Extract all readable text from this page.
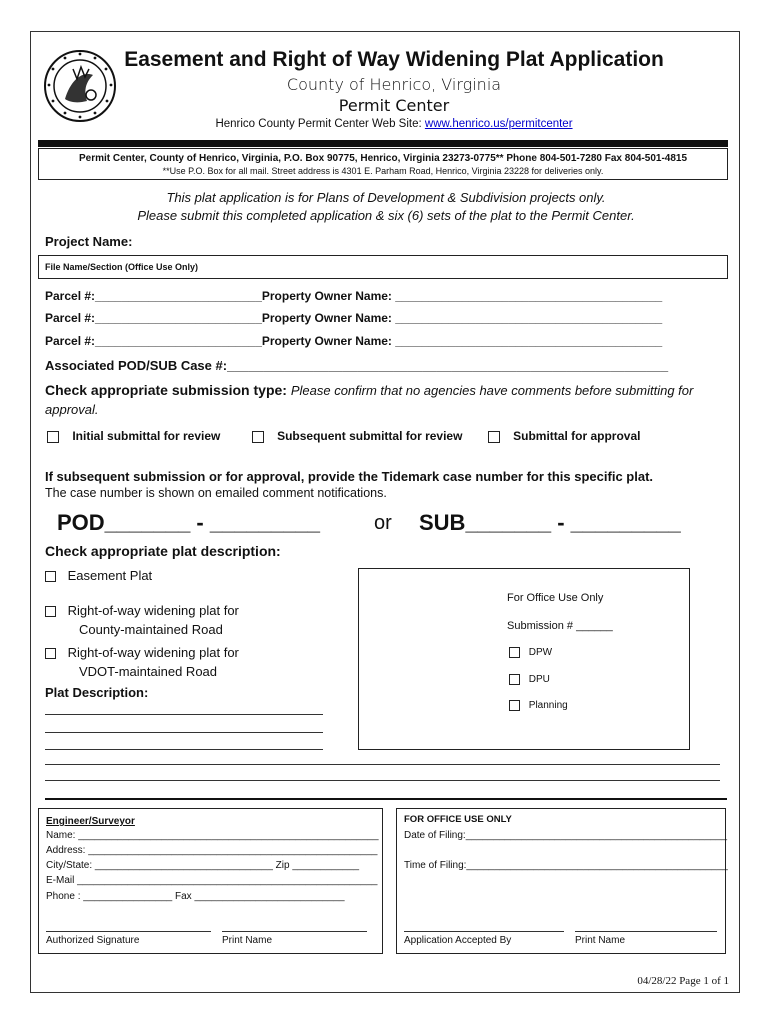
Easement and Right of Way Widening Plat Application
County of Henrico, Virginia
Permit Center
Henrico County Permit Center Web Site: www.henrico.us/permitcenter
Permit Center, County of Henrico, Virginia, P.O. Box 90775, Henrico, Virginia 23273-0775** Phone 804-501-7280 Fax 804-501-4815
**Use P.O. Box for all mail. Street address is 4301 E. Parham Road, Henrico, Virginia 23228 for deliveries only.
This plat application is for Plans of Development & Subdivision projects only.
Please submit this completed application & six (6) sets of the plat to the Permit Center.
Project Name:
File Name/Section (Office Use Only)
Parcel #:_________________________Property Owner Name: ________________________________________
Parcel #:_________________________Property Owner Name: ________________________________________
Parcel #:_________________________Property Owner Name: ________________________________________
Associated POD/SUB Case #:_____________________________________________________________
Check appropriate submission type: Please confirm that no agencies have comments before submitting for approval.
Initial submittal for review	Subsequent submittal for review	Submittal for approval
If subsequent submission or for approval, provide the Tidemark case number for this specific plat.
The case number is shown on emailed comment notifications.
POD_______ - _________	or SUB_______ - _________
Check appropriate plat description:
Easement Plat
Right-of-way widening plat for
County-maintained Road
Right-of-way widening plat for
VDOT-maintained Road
Plat Description:
For Office Use Only
Submission # ______
DPW
DPU
Planning
Engineer/Surveyor
Name: ______________________________________________________
Address: ____________________________________________________
City/State: ________________________________ Zip ____________
E-Mail ______________________________________________________
Phone : ________________ Fax ___________________________
Authorized Signature	Print Name
FOR OFFICE USE ONLY
Date of Filing:_______________________________________________
Time of Filing:_______________________________________________
Application Accepted By	Print Name
04/28/22 Page 1 of 1
